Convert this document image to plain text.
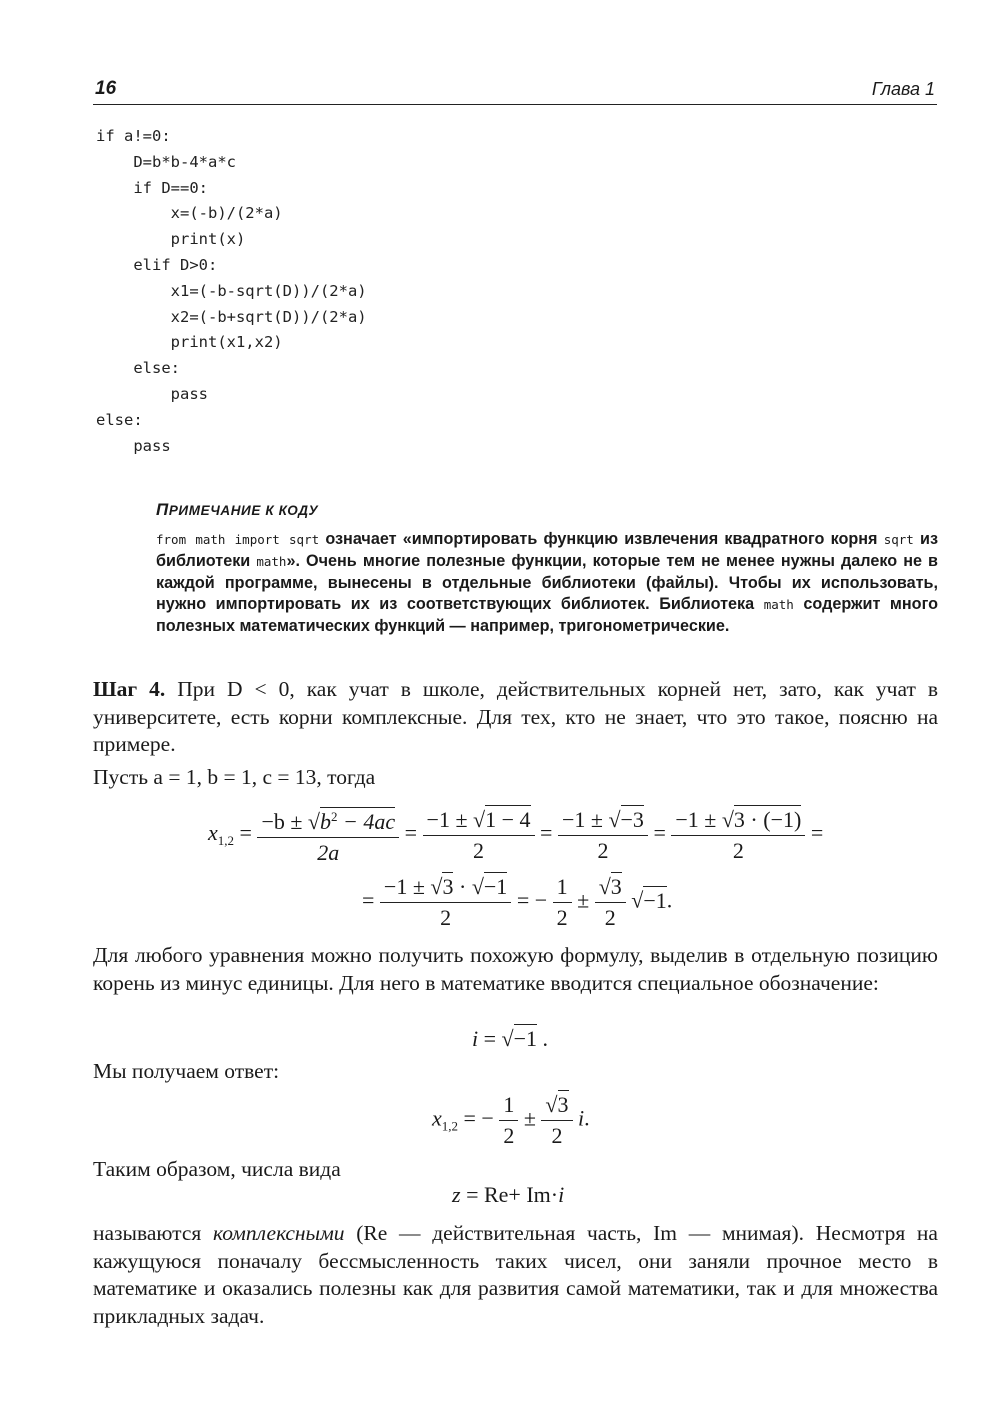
16	Глава 1
if a!=0:
D=b*b-4*a*c
if D==0:
x=(-b)/(2*a)
print(x)
elif D>0:
x1=(-b-sqrt(D))/(2*a)
x2=(-b+sqrt(D))/(2*a)
print(x1,x2)
else:
pass
else:
pass
ПРИМЕЧАНИЕ К КОДУ
from math import sqrt означает «импортировать функцию извлечения квадратного корня sqrt из библиотеки math». Очень многие полезные функции, которые тем не менее нужны далеко не в каждой программе, вынесены в отдельные библиотеки (файлы). Чтобы их использовать, нужно импортировать их из соответствующих библиотек. Библиотека math содержит много полезных математических функций — например, тригонометрические.
Шаг 4. При D < 0, как учат в школе, действительных корней нет, зато, как учат в университете, есть корни комплексные. Для тех, кто не знает, что это такое, поясню на примере.
Пусть a = 1, b = 1, c = 13, тогда
$x_{1,2} = \frac{-b \pm √b^2 - 4ac}{2a} = \frac{-1 \pm √1 - 4}{2} = \frac{-1 \pm √-3}{2} = \frac{-1 \pm √3 \cdot (-1)}{2}$ =
= $\frac{-1 \pm √3 \cdot √-1}{2}$ = − $\frac{1}{2} \pm \frac{√3}{2} √-1$.
Для любого уравнения можно получить похожую формулу, выделив в отдельную позицию корень из минус единицы. Для него в математике вводится специальное обозначение:
i = √−1 .
Мы получаем ответ:
$x_{1,2}$ = − $\frac{1}{2} \pm \frac{√3}{2} i$.
Таким образом, числа вида
z = Re+ Im·i
называются комплексными (Re — действительная часть, Im — мнимая). Несмотря на кажущуюся поначалу бессмысленность таких чисел, они заняли прочное место в математике и оказались полезны как для развития самой математики, так и для множества прикладных задач.
